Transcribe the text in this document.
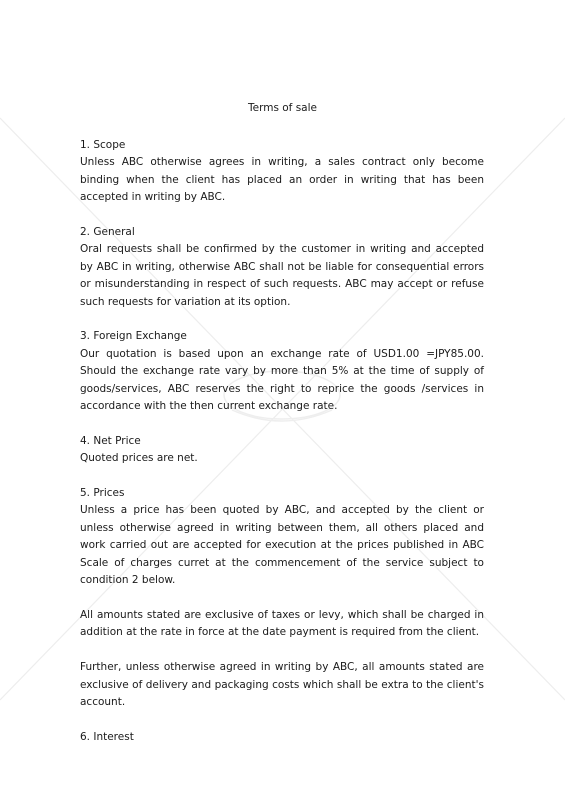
Terms of sale
1. Scope
Unless ABC otherwise agrees in writing, a sales contract only become binding when the client has placed an order in writing that has been accepted in writing by ABC.
2. General
Oral requests shall be confirmed by the customer in writing and accepted by ABC in writing, otherwise ABC shall not be liable for consequential errors or misunderstanding in respect of such requests. ABC may accept or refuse such requests for variation at its option.
3. Foreign Exchange
Our quotation is based upon an exchange rate of USD1.00 =JPY85.00. Should the exchange rate vary by more than 5% at the time of supply of goods/services, ABC reserves the right to reprice the goods /services in accordance with the then current exchange rate.
4. Net Price
Quoted prices are net.
5. Prices
Unless a price has been quoted by ABC, and accepted by the client or unless otherwise agreed in writing between them, all others placed and work carried out are accepted for execution at the prices published in ABC Scale of charges curret at the commencement of the service subject to condition 2 below.
All amounts stated are exclusive of taxes or levy, which shall be charged in addition at the rate in force at the date payment is required from the client.
Further, unless otherwise agreed in writing by ABC, all amounts stated are exclusive of delivery and packaging costs which shall be extra to the client's account.
6. Interest
